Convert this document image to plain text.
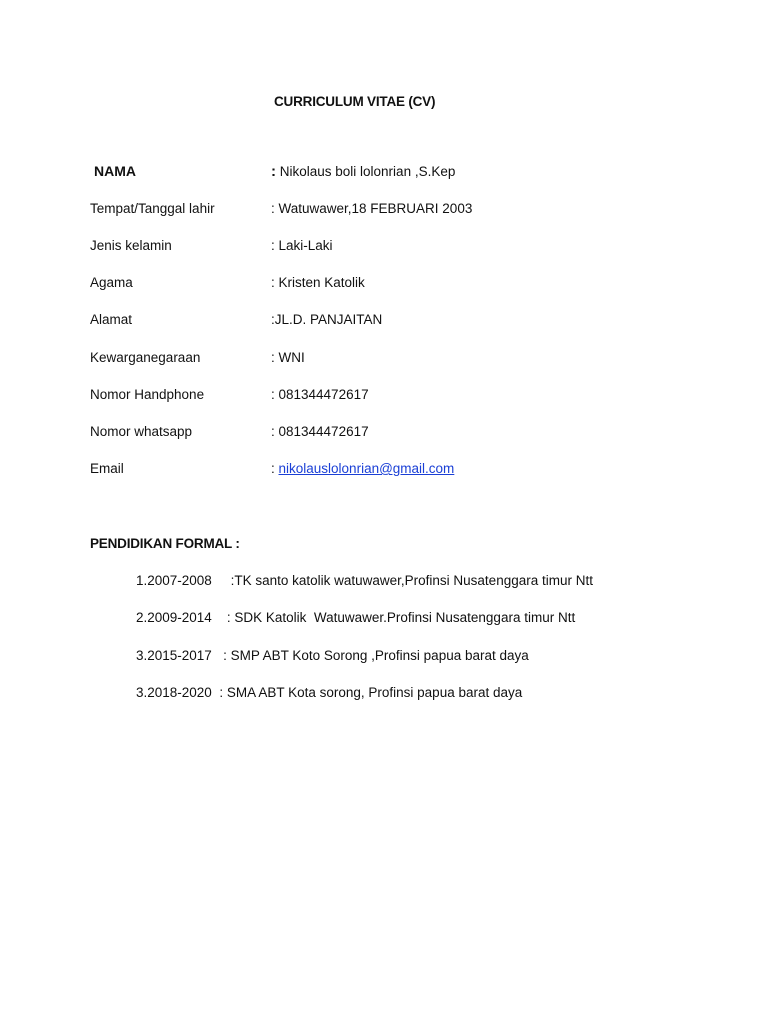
CURRICULUM VITAE (CV)
NAMA	: Nikolaus boli lolonrian ,S.Kep
Tempat/Tanggal lahir	: Watuwawer,18 FEBRUARI 2003
Jenis kelamin	: Laki-Laki
Agama	: Kristen Katolik
Alamat	:JL.D. PANJAITAN
Kewarganegaraan	: WNI
Nomor Handphone	: 081344472617
Nomor whatsapp	: 081344472617
Email	: nikolauslolonrian@gmail.com
PENDIDIKAN FORMAL :
1.2007-2008     :TK santo katolik watuwawer,Profinsi Nusatenggara timur Ntt
2.2009-2014    : SDK Katolik  Watuwawer.Profinsi Nusatenggara timur Ntt
3.2015-2017   : SMP ABT Koto Sorong ,Profinsi papua barat daya
3.2018-2020  : SMA ABT Kota sorong, Profinsi papua barat daya
